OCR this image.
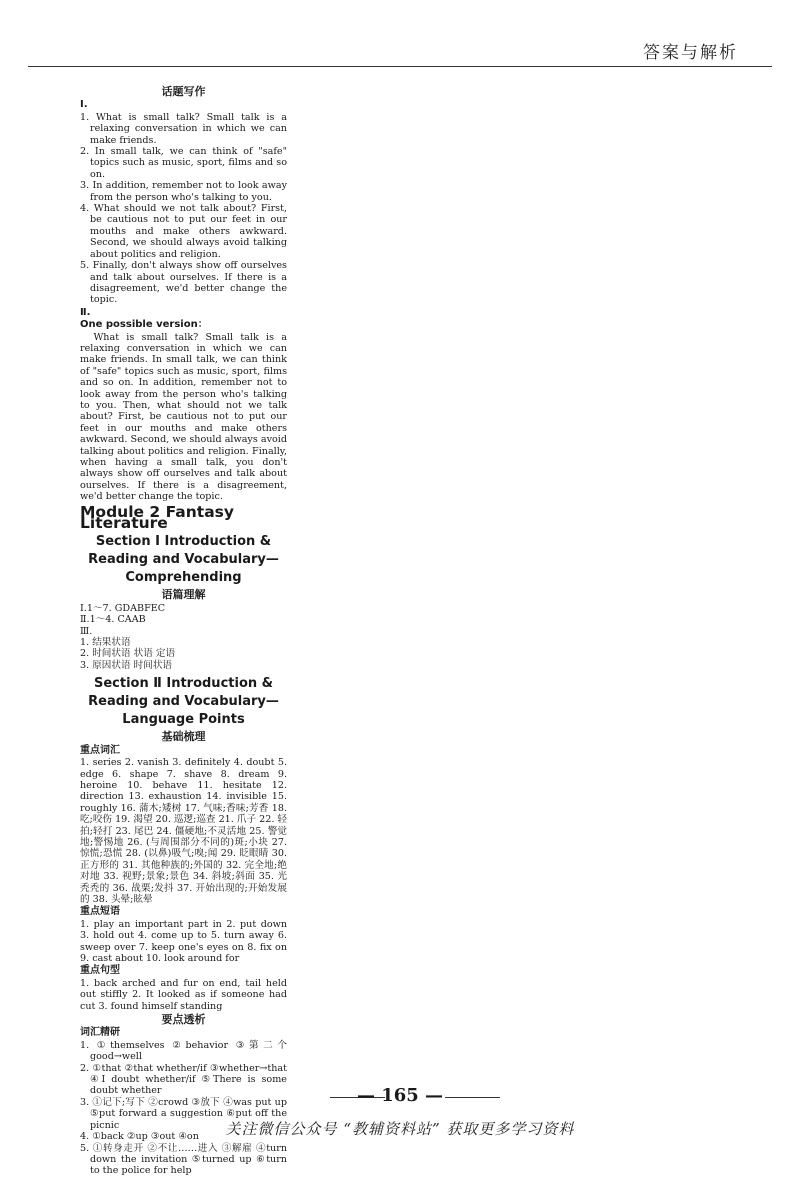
答案与解析
话题写作
Ⅰ.

1. What is small talk? Small talk is a relaxing conversation in which we can make friends.

2. In small talk, we can think of "safe" topics such as music, sport, films and so on.

3. In addition, remember not to look away from the person who's talking to you.

4. What should we not talk about? First, be cautious not to put our feet in our mouths and make others awkward. Second, we should always avoid talking about politics and religion.

5. Finally, don't always show off ourselves and talk about ourselves. If there is a disagreement, we'd better change the topic.

Ⅱ.
One possible version：

What is small talk? Small talk is a relaxing conversation in which we can make friends. In small talk, we can think of "safe" topics such as music, sport, films and so on. In addition, remember not to look away from the person who's talking to you. Then, what should not we talk about? First, be cautious not to put our feet in our mouths and make others awkward. Second, we should always avoid talking about politics and religion. Finally, when having a small talk, you don't always show off ourselves and talk about ourselves. If there is a disagreement, we'd better change the topic.

Module 2 Fantasy Literature
Section Ⅰ Introduction &
Reading and Vocabulary—
Comprehending
语篇理解

Ⅰ.1～7. GDABFEC

Ⅱ.1～4. CAAB

Ⅲ.

1. 结果状语

2. 时间状语 状语 定语

3. 原因状语 时间状语

Section Ⅱ Introduction &
Reading and Vocabulary—
Language Points
基础梳理
重点词汇

1. series 2. vanish 3. definitely 4. doubt 5. edge 6. shape 7. shave 8. dream 9. heroine 10. behave 11. hesitate 12. direction 13. exhaustion 14. invisible 15. roughly 16. 蒲木;矮树 17. 气味;香味;芳香 18. 吃;咬伤 19. 渴望 20. 巡逻;巡查 21. 爪子 22. 轻拍;轻打 23. 尾巴 24. 僵硬地;不灵活地 25. 警觉地;警惕地 26. (与周围部分不同的)斑;小块 27. 惊慌;恐慌 28. (以鼻)吸气;嗅;闻 29. 眨眼睛 30. 正方形的 31. 其他种族的;外国的 32. 完全地;绝对地 33. 视野;景象;景色 34. 斜坡;斜面 35. 光秃秃的 36. 战栗;发抖 37. 开始出现的;开始发展的 38. 头晕;眩晕

重点短语

1. play an important part in 2. put down 3. hold out 4. come up to 5. turn away 6. sweep over 7. keep one's eyes on 8. fix on 9. cast about 10. look around for

重点句型

1. back arched and fur on end, tail held out stiffly 2. It looked as if someone had cut 3. found himself standing

要点透析
词汇精研

1. ①themselves ②behavior ③第二个good→well

2. ①that ②that whether/if ③whether→that ④I doubt whether/if ⑤There is some doubt whether

3. ①记下;写下 ②crowd ③放下 ④was put up ⑤put forward a suggestion ⑥put off the picnic

4. ①back ②up ③out ④on

5. ①转身走开 ②不让……进入 ③解雇 ④turn down the invitation ⑤turned up ⑥turn to the police for help

— 165 —
关注微信公众号 “教辅资料站” 获取更多学习资料
